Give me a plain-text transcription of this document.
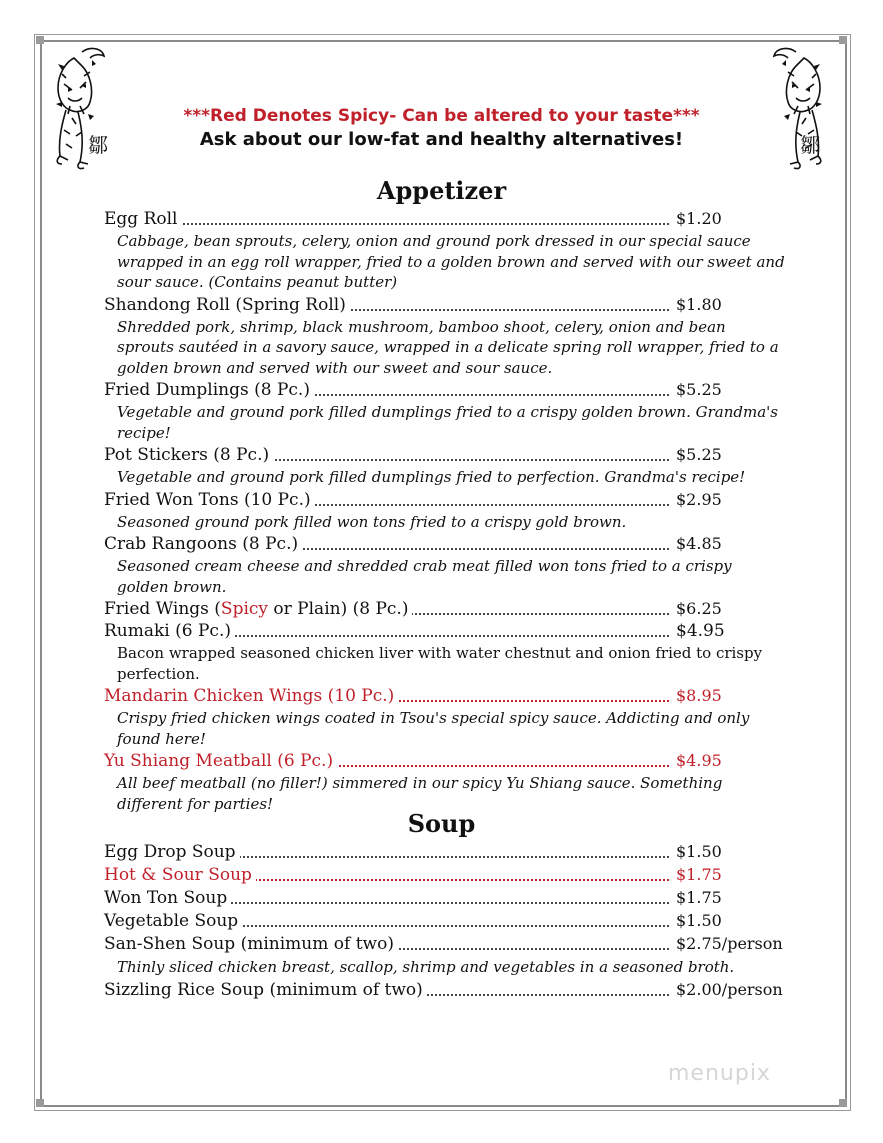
鄒	鄒
***Red Denotes Spicy- Can be altered to your taste***
Ask about our low-fat and healthy alternatives!
Appetizer
Egg Roll	$1.20
Cabbage, bean sprouts, celery, onion and ground pork dressed in our special sauce wrapped in an egg roll wrapper, fried to a golden brown and served with our sweet and sour sauce. (Contains peanut butter)
Shandong Roll (Spring Roll)	$1.80
Shredded pork, shrimp, black mushroom, bamboo shoot, celery, onion and bean sprouts sautéed in a savory sauce, wrapped in a delicate spring roll wrapper, fried to a golden brown and served with our sweet and sour sauce.
Fried Dumplings (8 Pc.)	$5.25
Vegetable and ground pork filled dumplings fried to a crispy golden brown. Grandma's recipe!
Pot Stickers (8 Pc.)	$5.25
Vegetable and ground pork filled dumplings fried to perfection. Grandma's recipe!
Fried Won Tons (10 Pc.)	$2.95
Seasoned ground pork filled won tons fried to a crispy gold brown.
Crab Rangoons (8 Pc.)	$4.85
Seasoned cream cheese and shredded crab meat filled won tons fried to a crispy golden brown.
Fried Wings (Spicy or Plain) (8 Pc.)	$6.25
Rumaki (6 Pc.)	$4.95
Bacon wrapped seasoned chicken liver with water chestnut and onion fried to crispy perfection.
Mandarin Chicken Wings (10 Pc.)	$8.95
Crispy fried chicken wings coated in Tsou's special spicy sauce. Addicting and only found here!
Yu Shiang Meatball (6 Pc.)	$4.95
All beef meatball (no filler!) simmered in our spicy Yu Shiang sauce. Something different for parties!
Soup
Egg Drop Soup	$1.50
Hot & Sour Soup	$1.75
Won Ton Soup	$1.75
Vegetable Soup	$1.50
San-Shen Soup (minimum of two)	$2.75/person
Thinly sliced chicken breast, scallop, shrimp and vegetables in a seasoned broth.
Sizzling Rice Soup (minimum of two)	$2.00/person
menupix
